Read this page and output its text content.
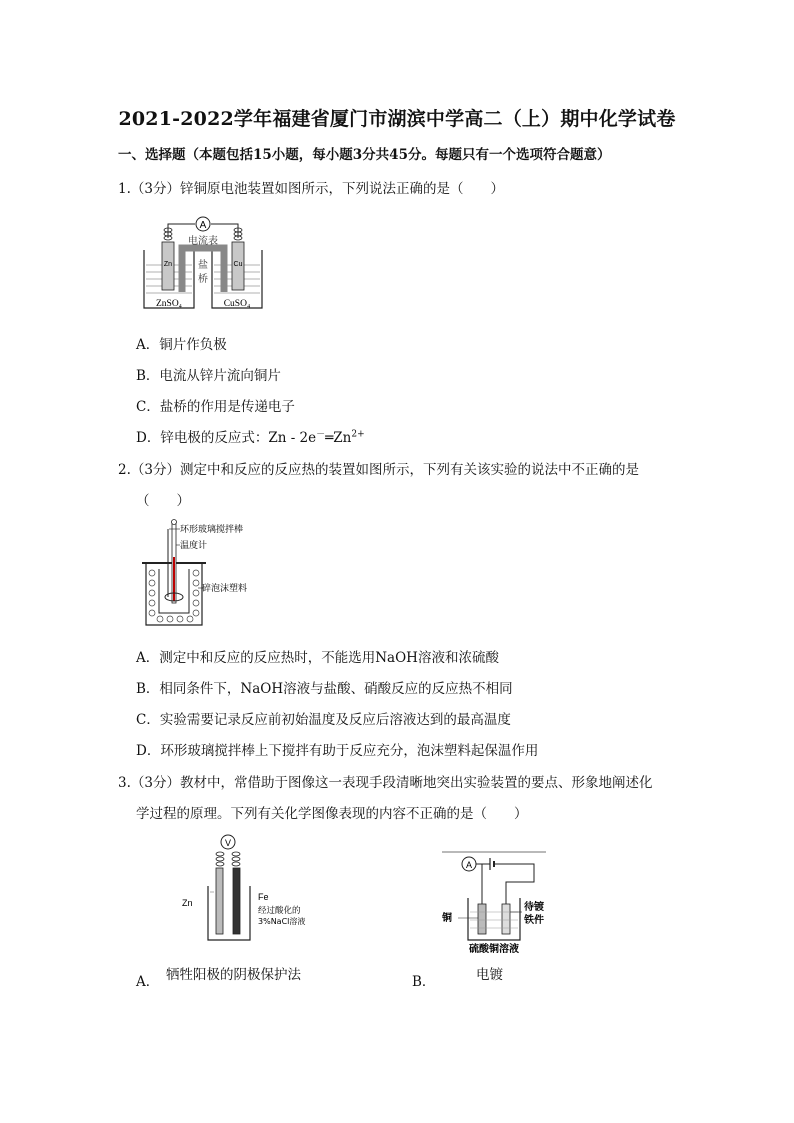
2021-2022学年福建省厦门市湖滨中学高二（上）期中化学试卷
一、选择题（本题包括15小题，每小题3分共45分。每题只有一个选项符合题意）
1.（3分）锌铜原电池装置如图所示，下列说法正确的是（　　）
A
电流表
Zn	Cu
盐
桥
ZnSO₄	CuSO₄
A．铜片作负极
B．电流从锌片流向铜片
C．盐桥的作用是传递电子
D．锌电极的反应式：Zn - $2e^-═Zn^{2+}$
2.（3分）测定中和反应的反应热的装置如图所示，下列有关该实验的说法中不正确的是
（　　）
环形玻璃搅拌棒
温度计
碎泡沫塑料
A．测定中和反应的反应热时，不能选用NaOH溶液和浓硫酸
B．相同条件下，NaOH溶液与盐酸、硝酸反应的反应热不相同
C．实验需要记录反应前初始温度及反应后溶液达到的最高温度
D．环形玻璃搅拌棒上下搅拌有助于反应充分，泡沫塑料起保温作用
3.（3分）教材中，常借助于图像这一表现手段清晰地突出实验装置的要点、形象地阐述化
学过程的原理。下列有关化学图像表现的内容不正确的是（　　）
V
Zn
Fe
经过酸化的
3%NaCl溶液
A． 牺牲阳极的阴极保护法
A
铜
待镀
铁件
硫酸铜溶液
B．	电镀
